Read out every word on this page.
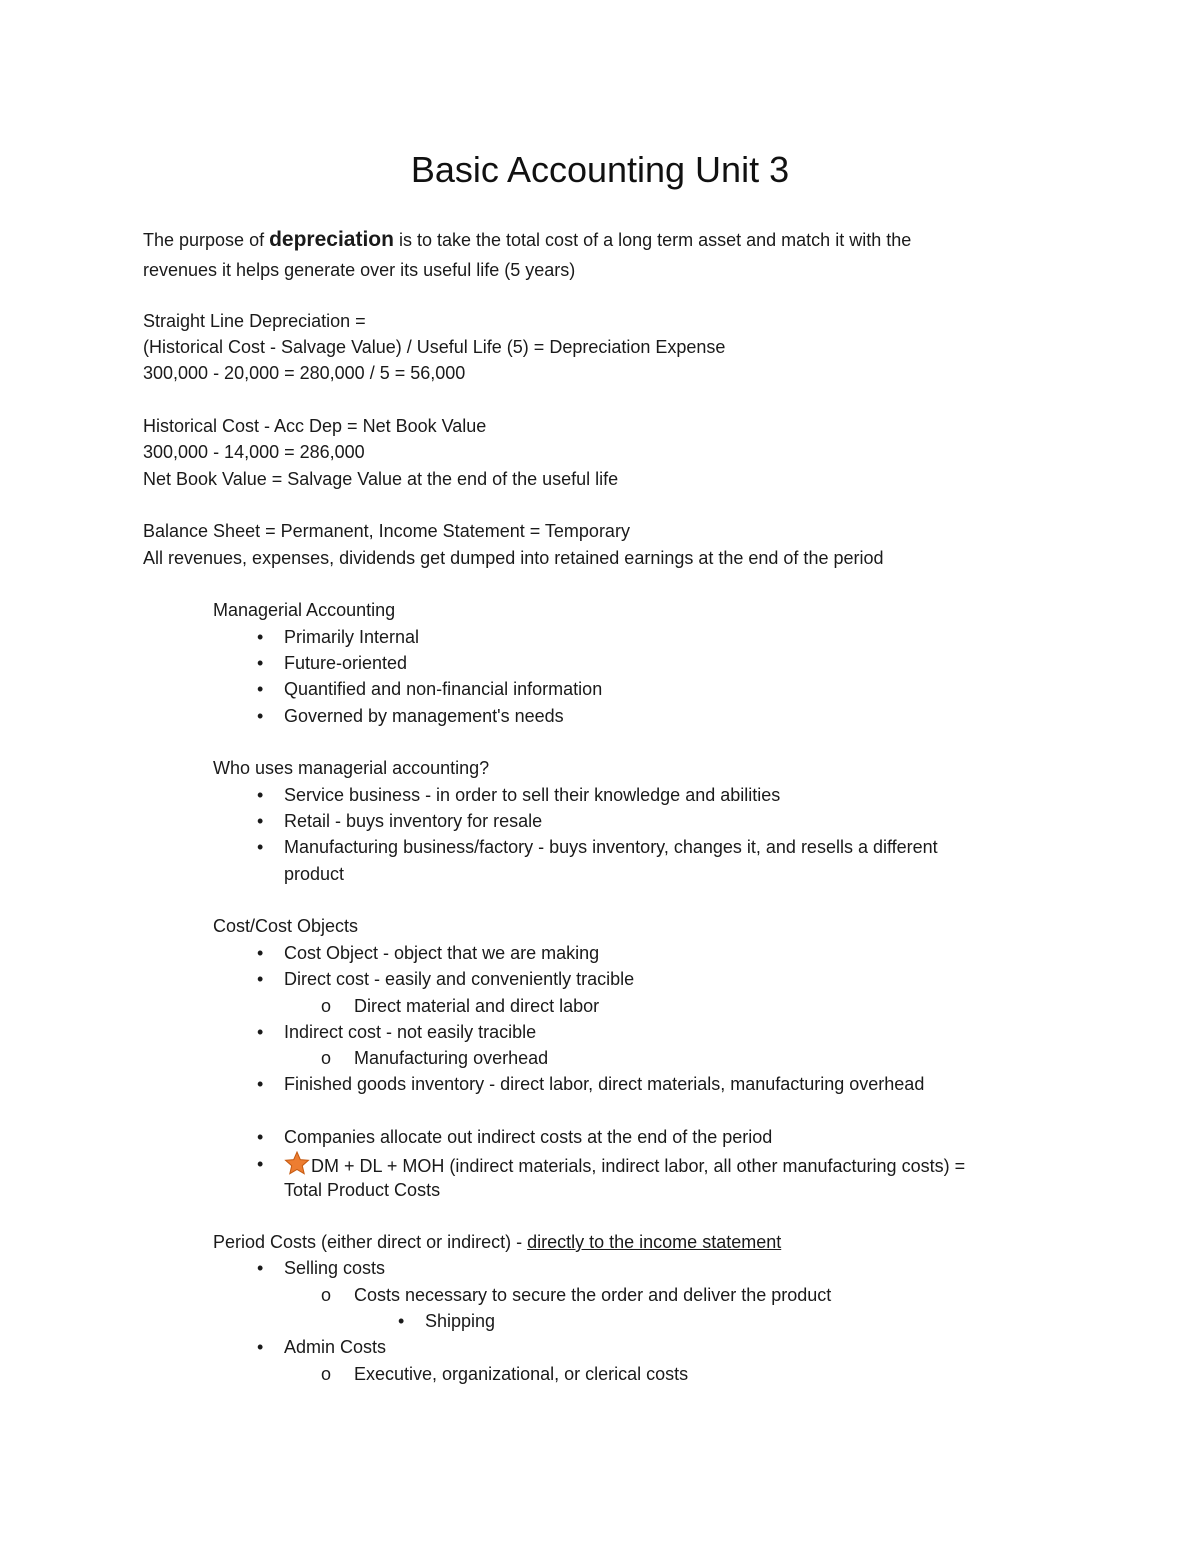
Basic Accounting Unit 3
The purpose of depreciation is to take the total cost of a long term asset and match it with the
revenues it helps generate over its useful life (5 years)
Straight Line Depreciation =
(Historical Cost - Salvage Value) / Useful Life (5) = Depreciation Expense
300,000 - 20,000 = 280,000 / 5 = 56,000
Historical Cost - Acc Dep = Net Book Value
300,000 - 14,000 = 286,000
Net Book Value = Salvage Value at the end of the useful life
Balance Sheet = Permanent, Income Statement = Temporary
All revenues, expenses, dividends get dumped into retained earnings at the end of the period
Managerial Accounting
• Primarily Internal
• Future-oriented
• Quantified and non-financial information
• Governed by management's needs
Who uses managerial accounting?
• Service business - in order to sell their knowledge and abilities
• Retail - buys inventory for resale
• Manufacturing business/factory - buys inventory, changes it, and resells a different
product
Cost/Cost Objects
• Cost Object - object that we are making
• Direct cost - easily and conveniently tracible
o Direct material and direct labor
• Indirect cost - not easily tracible
o Manufacturing overhead
• Finished goods inventory - direct labor, direct materials, manufacturing overhead
• Companies allocate out indirect costs at the end of the period
•	DM + DL + MOH (indirect materials, indirect labor, all other manufacturing costs) =
Total Product Costs
Period Costs (either direct or indirect) - directly to the income statement
• Selling costs
o Costs necessary to secure the order and deliver the product
• Shipping
• Admin Costs
o Executive, organizational, or clerical costs
